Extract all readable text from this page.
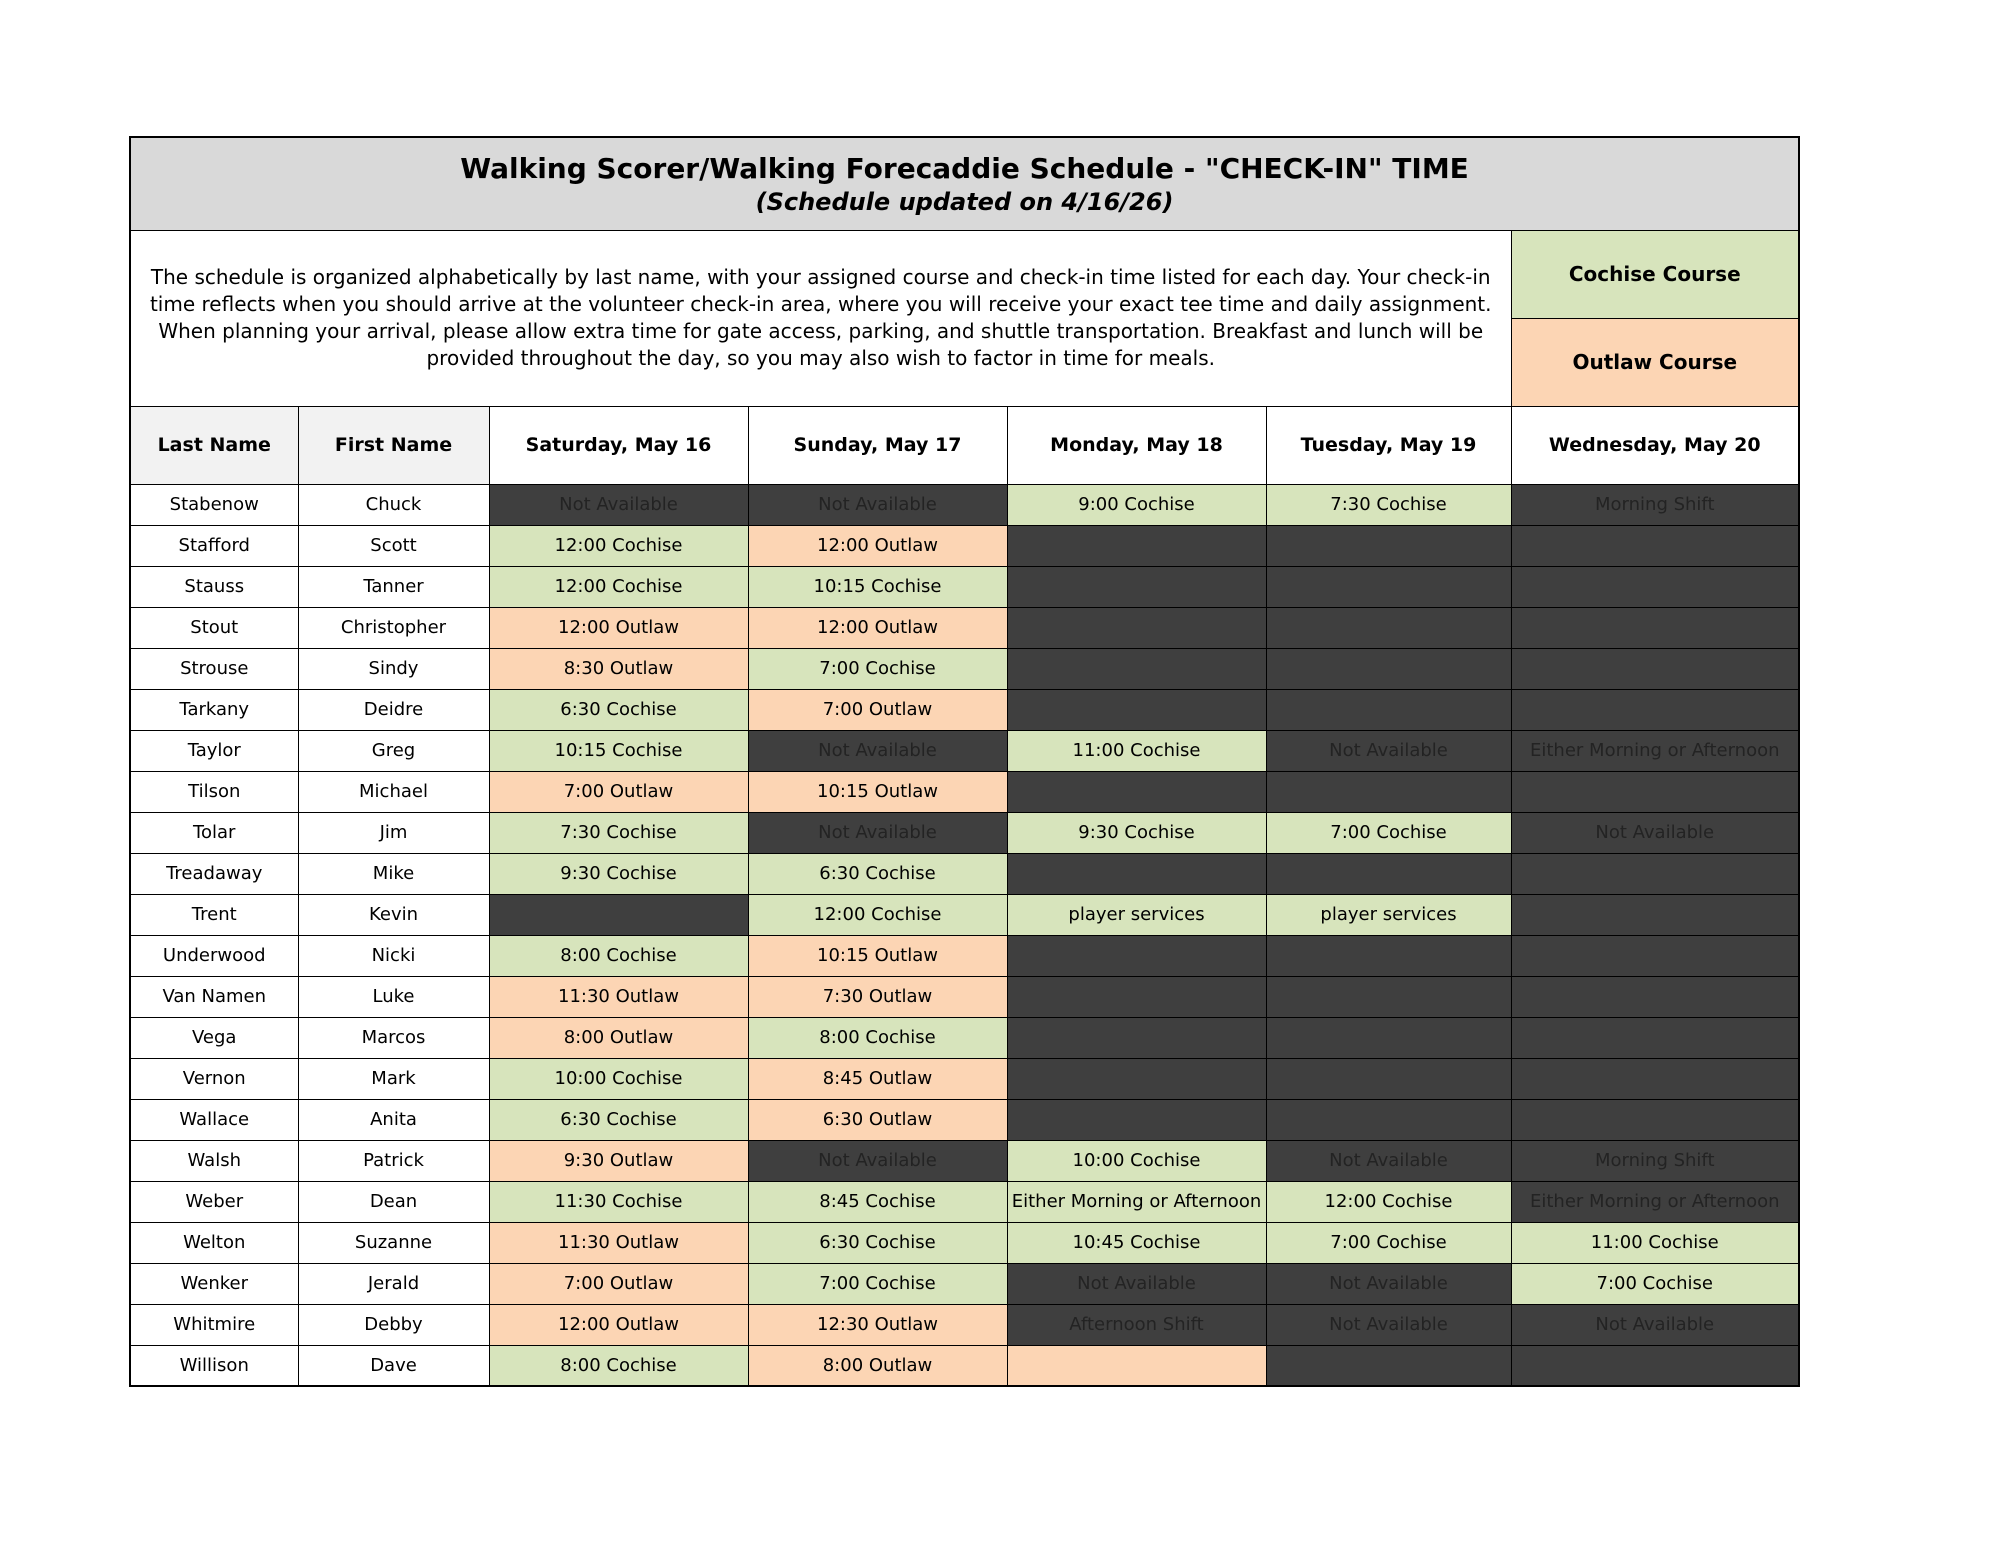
Walking Scorer/Walking Forecaddie Schedule - "CHECK-IN" TIME
(Schedule updated on 4/16/26)						

The schedule is organized alphabetically by last name, with your assigned course and check-in time listed for each day. Your check-in time reflects when you should arrive at the volunteer check-in area, where you will receive your exact tee time and daily assignment. When planning your arrival, please allow extra time for gate access, parking, and shuttle transportation. Breakfast and lunch will be provided throughout the day, so you may also wish to factor in time for meals.						Cochise Course
						Outlaw Course
Last Name	First Name	Saturday, May 16	Sunday, May 17	Monday, May 18	Tuesday, May 19	Wednesday, May 20
Stabenow	Chuck	Not Available	Not Available	9:00 Cochise	7:30 Cochise	Morning Shift
Stafford	Scott	12:00 Cochise	12:00 Outlaw			
Stauss	Tanner	12:00 Cochise	10:15 Cochise			
Stout	Christopher	12:00 Outlaw	12:00 Outlaw			
Strouse	Sindy	8:30 Outlaw	7:00 Cochise			
Tarkany	Deidre	6:30 Cochise	7:00 Outlaw			
Taylor	Greg	10:15 Cochise	Not Available	11:00 Cochise	Not Available	Either Morning or Afternoon
Tilson	Michael	7:00 Outlaw	10:15 Outlaw			
Tolar	Jim	7:30 Cochise	Not Available	9:30 Cochise	7:00 Cochise	Not Available
Treadaway	Mike	9:30 Cochise	6:30 Cochise			
Trent	Kevin		12:00 Cochise	player services	player services	
Underwood	Nicki	8:00 Cochise	10:15 Outlaw			
Van Namen	Luke	11:30 Outlaw	7:30 Outlaw			
Vega	Marcos	8:00 Outlaw	8:00 Cochise			
Vernon	Mark	10:00 Cochise	8:45 Outlaw			
Wallace	Anita	6:30 Cochise	6:30 Outlaw			
Walsh	Patrick	9:30 Outlaw	Not Available	10:00 Cochise	Not Available	Morning Shift
Weber	Dean	11:30 Cochise	8:45 Cochise	Either Morning or Afternoon	12:00 Cochise	Either Morning or Afternoon
Welton	Suzanne	11:30 Outlaw	6:30 Cochise	10:45 Cochise	7:00 Cochise	11:00 Cochise
Wenker	Jerald	7:00 Outlaw	7:00 Cochise	Not Available	Not Available	7:00 Cochise
Whitmire	Debby	12:00 Outlaw	12:30 Outlaw	Afternoon Shift	Not Available	Not Available
Willison	Dave	8:00 Cochise	8:00 Outlaw			
